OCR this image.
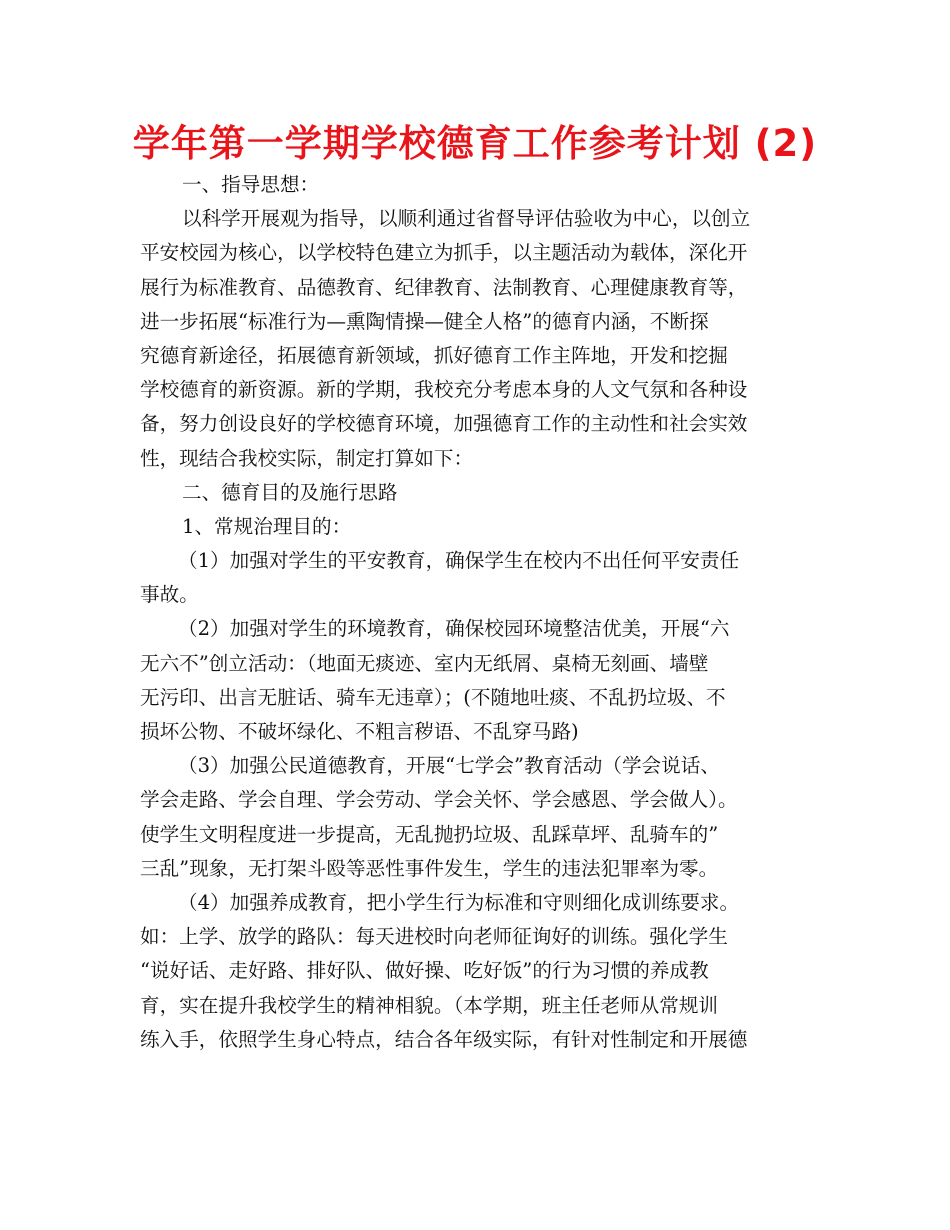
学年第一学期学校德育工作参考计划 (2)
一、指导思想：
以科学开展观为指导，以顺利通过省督导评估验收为中心，以创立
平安校园为核心，以学校特色建立为抓手，以主题活动为载体，深化开
展行为标准教育、品德教育、纪律教育、法制教育、心理健康教育等，
进一步拓展“标准行为—熏陶情操—健全人格”的德育内涵，不断探
究德育新途径，拓展德育新领域，抓好德育工作主阵地，开发和挖掘
学校德育的新资源。新的学期，我校充分考虑本身的人文气氛和各种设
备，努力创设良好的学校德育环境，加强德育工作的主动性和社会实效
性，现结合我校实际，制定打算如下：
二、德育目的及施行思路
1、常规治理目的：
（1）加强对学生的平安教育，确保学生在校内不出任何平安责任
事故。
（2）加强对学生的环境教育，确保校园环境整洁优美，开展“六
无六不”创立活动：（地面无痰迹、室内无纸屑、桌椅无刻画、墙壁
无污印、出言无脏话、骑车无违章）；(不随地吐痰、不乱扔垃圾、不
损坏公物、不破坏绿化、不粗言秽语、不乱穿马路)
（3）加强公民道德教育，开展“七学会”教育活动（学会说话、
学会走路、学会自理、学会劳动、学会关怀、学会感恩、学会做人）。
使学生文明程度进一步提高，无乱抛扔垃圾、乱踩草坪、乱骑车的”
三乱”现象，无打架斗殴等恶性事件发生，学生的违法犯罪率为零。
（4）加强养成教育，把小学生行为标准和守则细化成训练要求。
如：上学、放学的路队：每天进校时向老师征询好的训练。强化学生
“说好话、走好路、排好队、做好操、吃好饭”的行为习惯的养成教
育，实在提升我校学生的精神相貌。（本学期，班主任老师从常规训
练入手，依照学生身心特点，结合各年级实际，有针对性制定和开展德
